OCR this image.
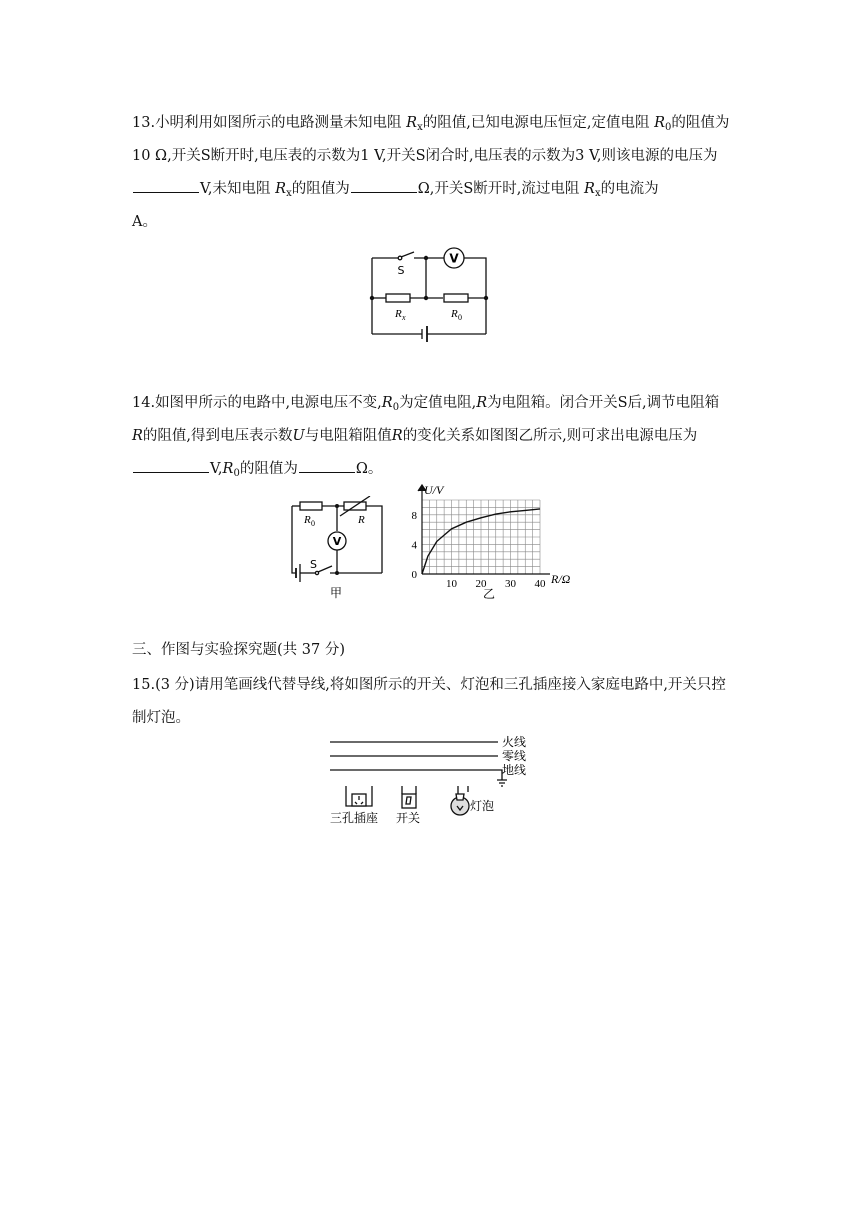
13.小明利用如图所示的电路测量未知电阻 $R_x$的阻值,已知电源电压恒定,定值电阻 $R_0$的阻值为10 Ω,开关S断开时,电压表的示数为1 V,开关S闭合时,电压表的示数为3 V,则该电源的电压为V,未知电阻 $R_x$的阻值为	Ω,开关S断开时,流过电阻 $R_x$的电流为
A。
V
S
R x	R 0
14.如图甲所示的电路中,电源电压不变$,R_0$为定值电阻,R为电阻箱。闭合开关S后,调节电阻箱 R的阻值,得到电压表示数U与电阻箱阻值R的变化关系如图图乙所示,则可求出电源电压为$V,R_0$的阻值为	Ω。
V
R 0	R
S
甲
10 20 30 40
0
4
8
U/V
R/Ω
乙
三、作图与实验探究题(共 37 分)
15.(3 分)请用笔画线代替导线,将如图所示的开关、灯泡和三孔插座接入家庭电路中,开关只控制灯泡。
火线
零线
地线
三孔插座 开关
灯泡
